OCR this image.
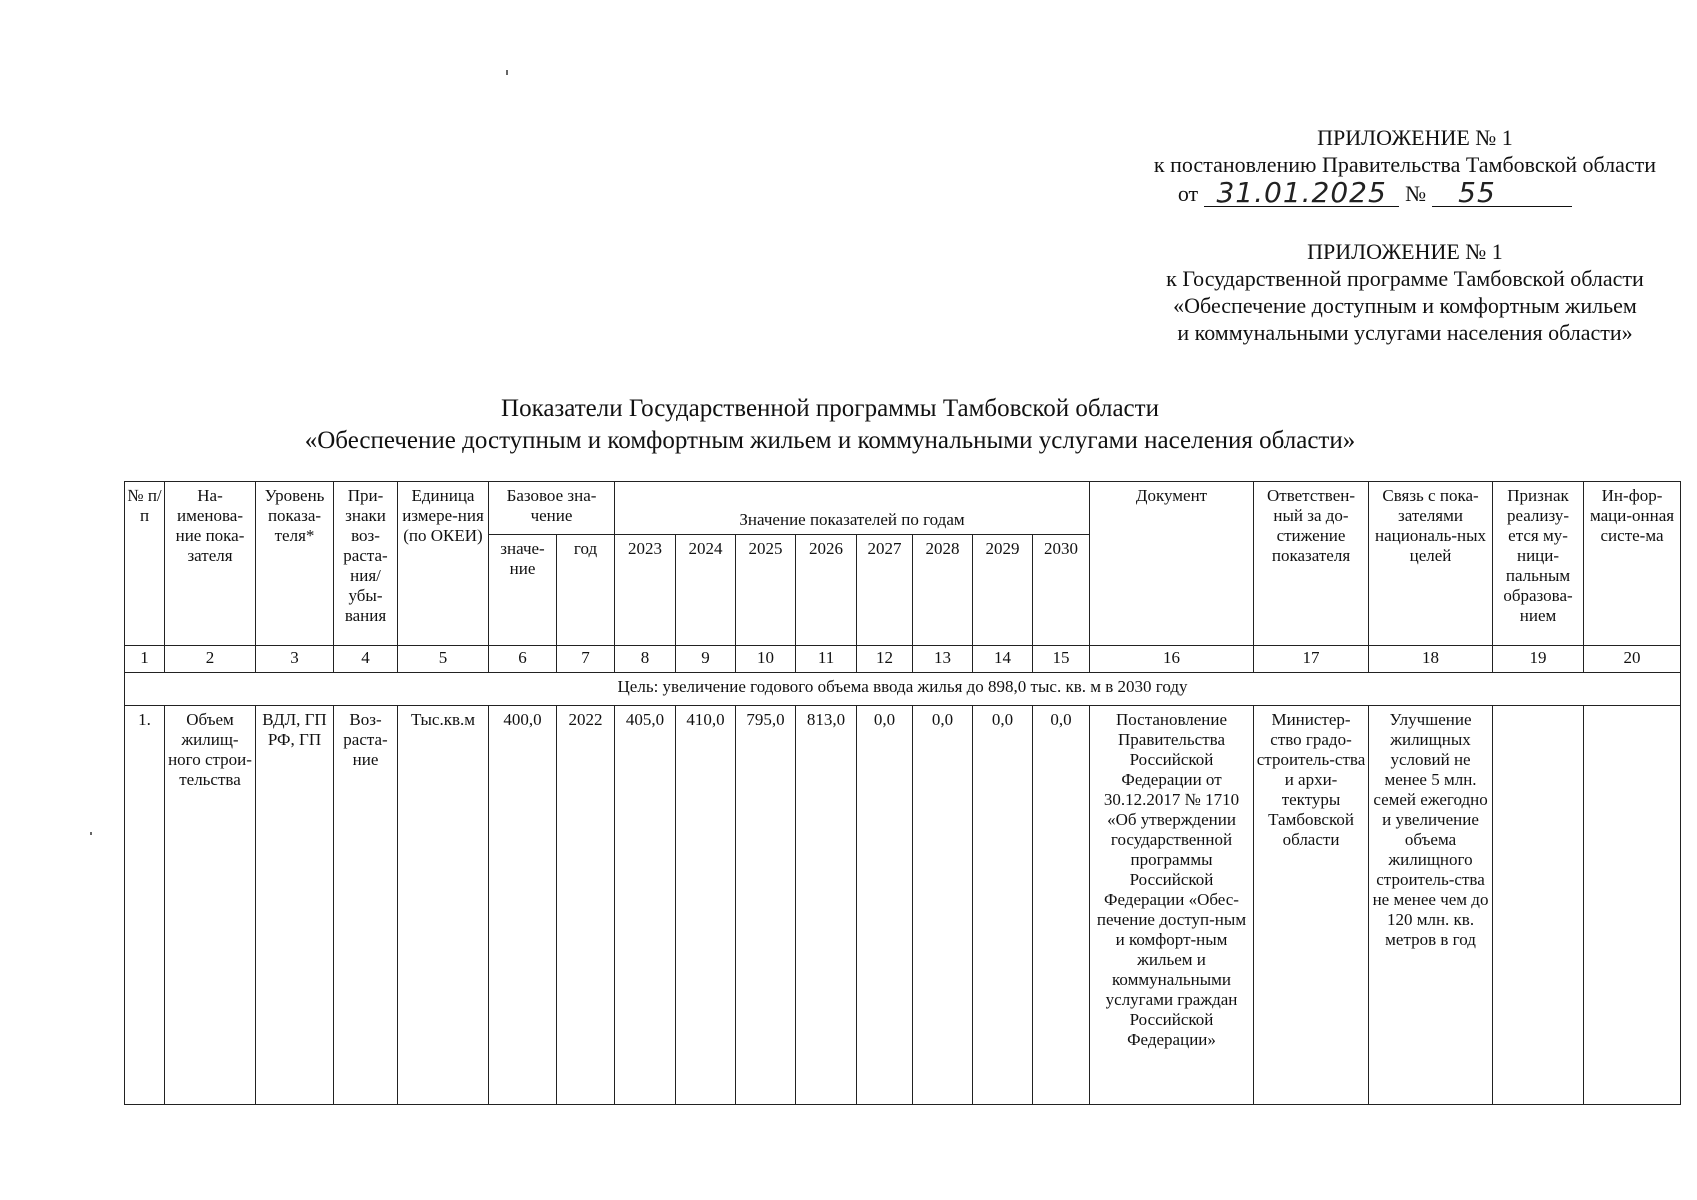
ПРИЛОЖЕНИЕ № 1
к постановлению Правительства Тамбовской области
от 31.01.2025 №	55
ПРИЛОЖЕНИЕ № 1
к Государственной программе Тамбовской области
«Обеспечение доступным и комфортным жильем
и коммунальными услугами населения области»
Показатели Государственной программы Тамбовской области
«Обеспечение доступным и комфортным жильем и коммунальными услугами населения области»
№ п/п	На-именова-ние пока-зателя	Уровень показа-теля*	При-знаки воз-раста-ния/ убы-вания	Единица измере-ния (по ОКЕИ)	Базовое зна-чение		Значение показателей по годам								Документ	Ответствен-ный за до-стижение показателя	Связь с пока-зателями националь-ных целей	Признак реализу-ется му-ници-пальным образова-нием	Ин-фор-маци-онная систе-ма
					значе-ние	год	2023	2024	2025	2026	2027	2028	2029	2030					
1	2	3	4	5	6	7	8	9	10	11	12	13	14	15	16	17	18	19	20
Цель: увеличение годового объема ввода жилья до 898,0 тыс. кв. м в 2030 году																			
1.	Объем жилищ-ного строи-тельства	ВДЛ, ГП РФ, ГП	Воз-раста-ние	Тыс.кв.м	400,0	2022	405,0	410,0	795,0	813,0	0,0	0,0	0,0	0,0	Постановление Правительства Российской Федерации от 30.12.2017 № 1710 «Об утверждении государственной программы Российской Федерации «Обес-печение доступ-ным и комфорт-ным жильем и коммунальными услугами граждан Российской Федерации»	Министер-ство градо-строитель-ства и архи-тектуры Тамбовской области	Улучшение жилищных условий не менее 5 млн. семей ежегодно и увеличение объема жилищного строитель-ства не менее чем до 120 млн. кв. метров в год		
